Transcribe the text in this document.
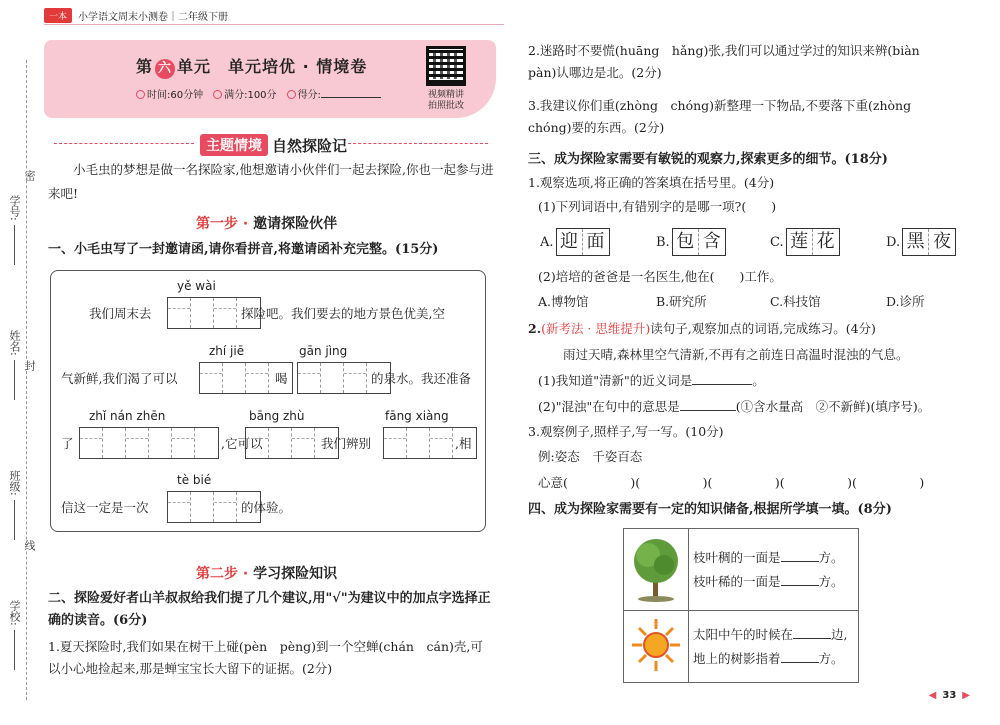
学号:
姓名:
班级:
学校:
密
封
线
一本	小学语文周末小测卷｜二年级下册
第 六 单元　单元培优 · 情境卷
时间:60分钟	满分:100分	得分:	视频精讲
拍照批改
主题情境 自然探险记

小毛虫的梦想是做一名探险家,他想邀请小伙伴们一起去探险,你也一起参与进来吧!

第一步 · 邀请探险伙伴
一、小毛虫写了一封邀请函,请你看拼音,将邀请函补充完整。(15分)
yě wài
我们周末去	探险吧。我们要去的地方景色优美,空
zhí jiē	gān jìng
气新鲜,我们渴了可以	喝	的泉水。我还准备
zhǐ nán zhēn	bāng zhù	fāng xiàng
了	,它可以	我们辨别	,相
tè bié
信这一定是一次	的体验。
第二步 · 学习探险知识
二、探险爱好者山羊叔叔给我们提了几个建议,用"√"为建议中的加点字选择正确的读音。(6分)

1.夏天探险时,我们如果在树干上碰(pèn　pèng)到一个空蝉(chán　cán)壳,可以小心地捡起来,那是蝉宝宝长大留下的证据。(2分)

2.迷路时不要慌(huāng　hǎng)张,我们可以通过学过的知识来辨(biàn　pàn)认哪边是北。(2分)

3.我建议你们重(zhòng　chóng)新整理一下物品,不要落下重(zhòng　chóng)要的东西。(2分)

三、成为探险家需要有敏锐的观察力,探索更多的细节。(18分)

1.观察选项,将正确的答案填在括号里。(4分)

(1)下列词语中,有错别字的是哪一项?(　　)

A. 迎 面	B. 包 含	C. 莲 花	D. 黑 夜

(2)培培的爸爸是一名医生,他在(　　)工作。

A.博物馆	B.研究所	C.科技馆	D.诊所

2.(新考法 · 思维提升)读句子,观察加点的词语,完成练习。(4分)

雨过天晴,森林里空气清新,不再有之前连日高温时混浊的气息。

(1)我知道"清新"的近义词是	。

(2)"混浊"在句中的意思是	(①含水量高　②不新鲜)(填序号)。

3.观察例子,照样子,写一写。(10分)

例:姿态　千姿百态

心意(　　　　　)(　　　　　)(　　　　　)(　　　　　)(　　　　　)

四、成为探险家需要有一定的知识储备,根据所学填一填。(8分)

枝叶稠的一面是 方。
枝叶稀的一面是 方。

太阳中午的时候在 边,
地上的树影指着 方。
◀ 33 ▶
